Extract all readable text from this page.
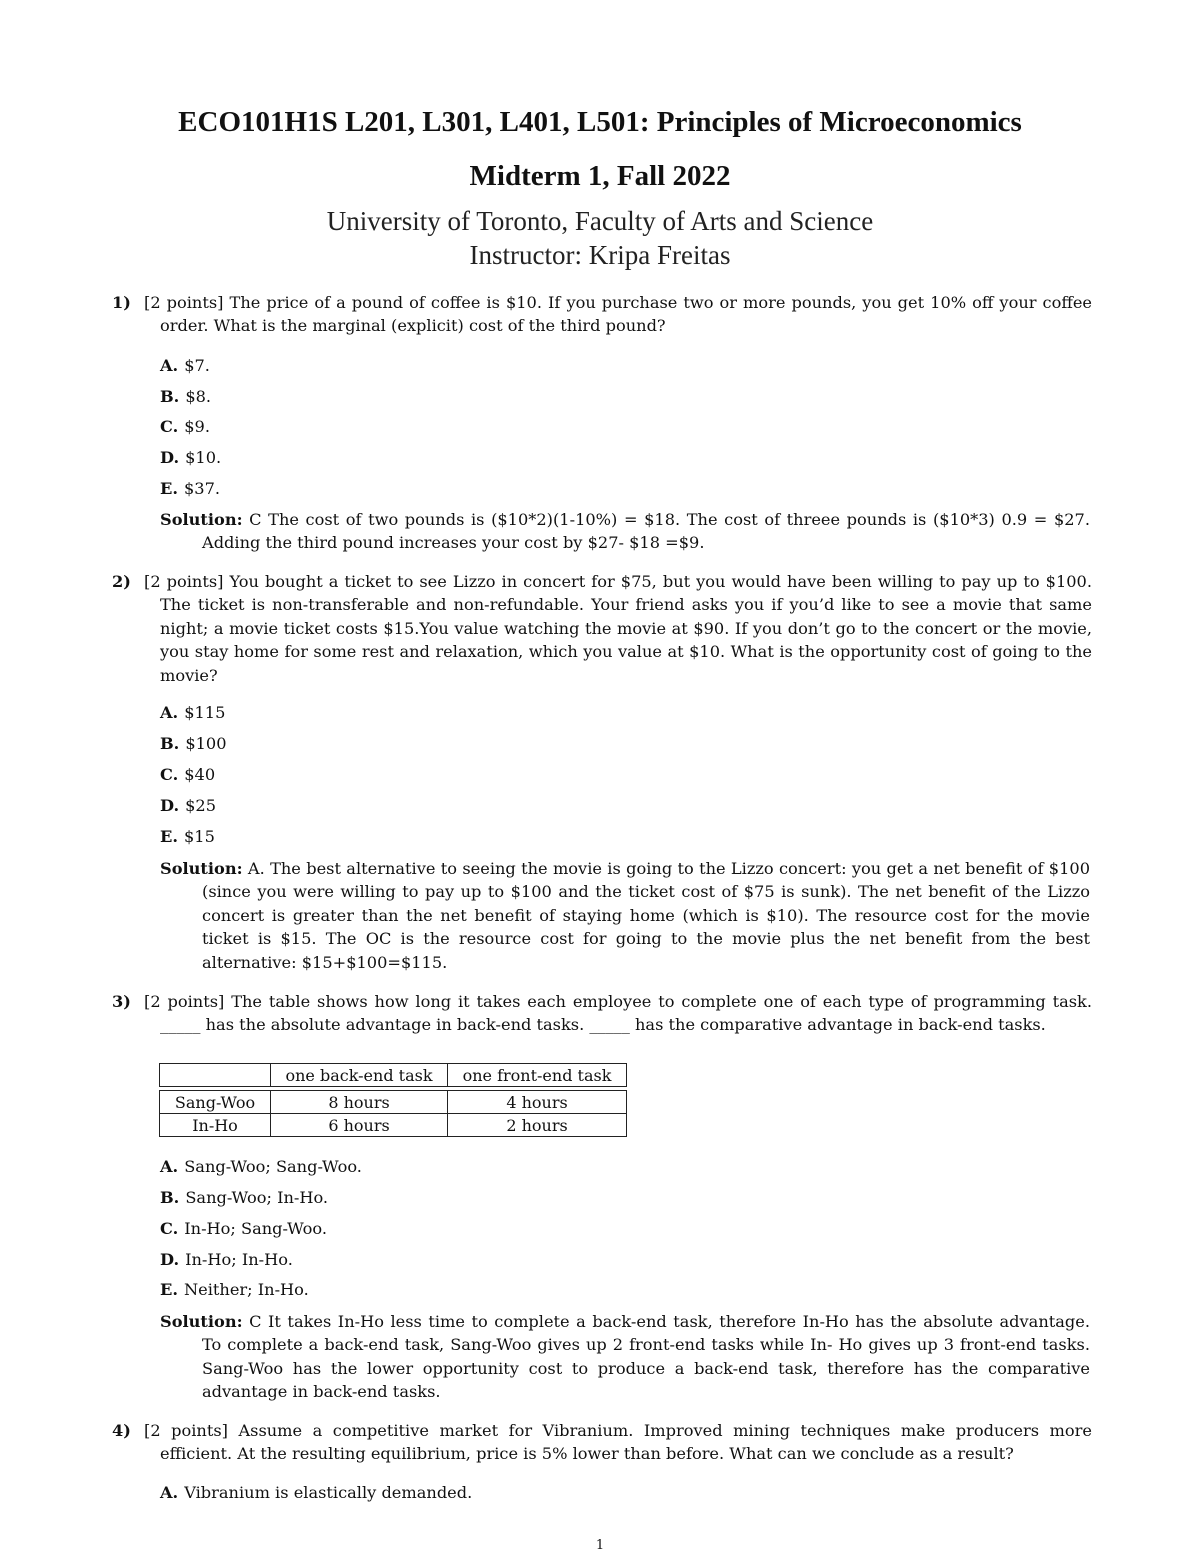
ECO101H1S L201, L301, L401, L501: Principles of Microeconomics
Midterm 1, Fall 2022
University of Toronto, Faculty of Arts and Science
Instructor: Kripa Freitas
1) [2 points] The price of a pound of coffee is $10. If you purchase two or more pounds, you get 10% off your coffee order. What is the marginal (explicit) cost of the third pound?
A. $7.
B. $8.
C. $9.
D. $10.
E. $37.
Solution: C The cost of two pounds is ($10*2)(1-10%) = $18. The cost of threee pounds is ($10*3) 0.9 = $27. Adding the third pound increases your cost by $27- $18 =$9.
2) [2 points] You bought a ticket to see Lizzo in concert for $75, but you would have been willing to pay up to $100. The ticket is non-transferable and non-refundable. Your friend asks you if you’d like to see a movie that same night; a movie ticket costs $15.You value watching the movie at $90. If you don’t go to the concert or the movie, you stay home for some rest and relaxation, which you value at $10. What is the opportunity cost of going to the movie?
A. $115
B. $100
C. $40
D. $25
E. $15
Solution: A. The best alternative to seeing the movie is going to the Lizzo concert: you get a net benefit of $100 (since you were willing to pay up to $100 and the ticket cost of $75 is sunk). The net benefit of the Lizzo concert is greater than the net benefit of staying home (which is $10). The resource cost for the movie ticket is $15. The OC is the resource cost for going to the movie plus the net benefit from the best alternative: $15+$100=$115.
3) [2 points] The table shows how long it takes each employee to complete one of each type of programming task. _____ has the absolute advantage in back-end tasks. _____ has the comparative advantage in back-end tasks.
	one back-end task	one front-end task

Sang-Woo	8 hours	4 hours
In-Ho	6 hours	2 hours
A. Sang-Woo; Sang-Woo.
B. Sang-Woo; In-Ho.
C. In-Ho; Sang-Woo.
D. In-Ho; In-Ho.
E. Neither; In-Ho.
Solution: C It takes In-Ho less time to complete a back-end task, therefore In-Ho has the absolute advantage. To complete a back-end task, Sang-Woo gives up 2 front-end tasks while In- Ho gives up 3 front-end tasks. Sang-Woo has the lower opportunity cost to produce a back-end task, therefore has the comparative advantage in back-end tasks.
4) [2 points] Assume a competitive market for Vibranium. Improved mining techniques make producers more efficient. At the resulting equilibrium, price is 5% lower than before. What can we conclude as a result?
A. Vibranium is elastically demanded.
1
